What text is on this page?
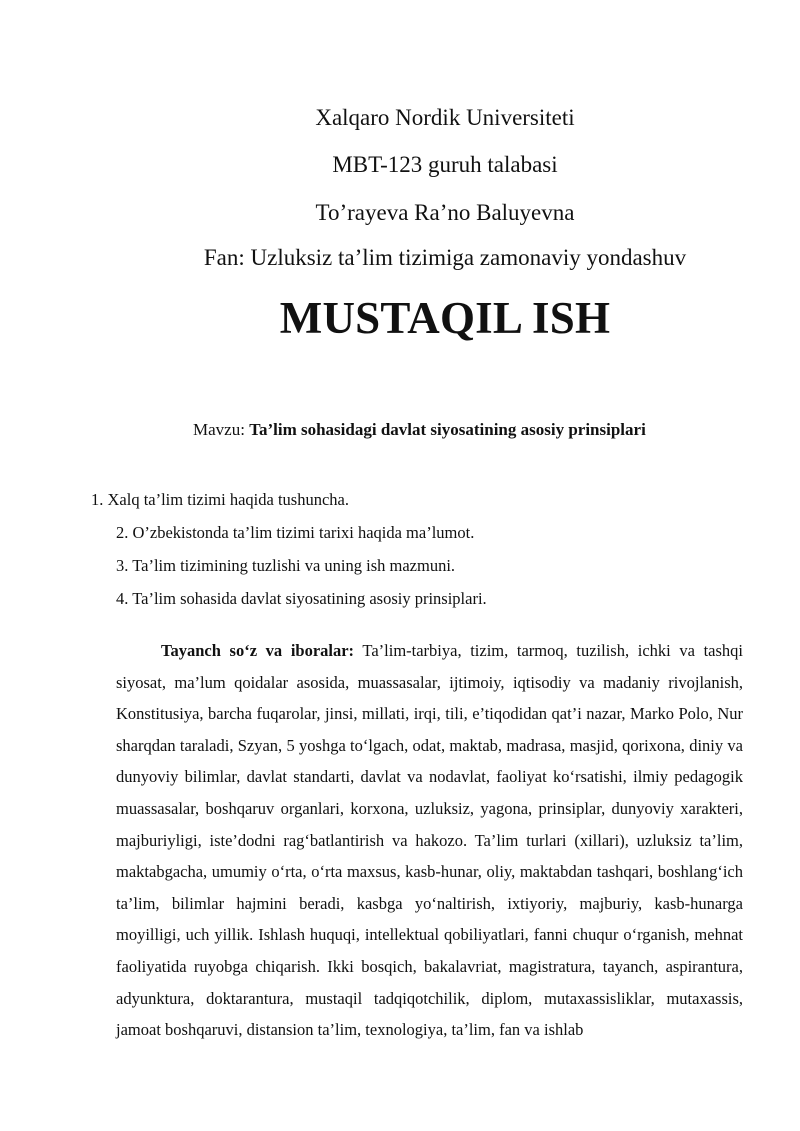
Xalqaro Nordik Universiteti
MBT-123 guruh talabasi
To’rayeva Ra’no Baluyevna
Fan: Uzluksiz ta’lim tizimiga zamonaviy yondashuv
MUSTAQIL ISH
Mavzu: Ta’lim sohasidagi davlat siyosatining asosiy prinsiplari
1. Xalq ta’lim tizimi haqida tushuncha.
2. O’zbekistonda ta’lim tizimi tarixi haqida ma’lumot.
3. Ta’lim tizimining tuzlishi va uning ish mazmuni.
4. Ta’lim sohasida davlat siyosatining asosiy prinsiplari.
Tayanch so‘z va iboralar: Ta’lim-tarbiya, tizim, tarmoq, tuzilish, ichki va tashqi siyosat, ma’lum qoidalar asosida, muassasalar, ijtimoiy, iqtisodiy va madaniy rivojlanish, Konstitusiya, barcha fuqarolar, jinsi, millati, irqi, tili, e’tiqodidan qat’i nazar, Marko Polo, Nur sharqdan taraladi, Szyan, 5 yoshga to‘lgach, odat, maktab, madrasa, masjid, qorixona, diniy va dunyoviy bilimlar, davlat standarti, davlat va nodavlat, faoliyat ko‘rsatishi, ilmiy pedagogik muassasalar, boshqaruv organlari, korxona, uzluksiz, yagona, prinsiplar, dunyoviy xarakteri, majburiyligi, iste’dodni rag‘batlantirish va hakozo. Ta’lim turlari (xillari), uzluksiz ta’lim, maktabgacha, umumiy o‘rta, o‘rta maxsus, kasb-hunar, oliy, maktabdan tashqari, boshlang‘ich ta’lim, bilimlar hajmini beradi, kasbga yo‘naltirish, ixtiyoriy, majburiy, kasb-hunarga moyilligi, uch yillik. Ishlash huquqi, intellektual qobiliyatlari, fanni chuqur o‘rganish, mehnat faoliyatida ruyobga chiqarish. Ikki bosqich, bakalavriat, magistratura, tayanch, aspirantura, adyunktura, doktarantura, mustaqil tadqiqotchilik, diplom, mutaxassisliklar, mutaxassis, jamoat boshqaruvi, distansion ta’lim, texnologiya, ta’lim, fan va ishlab
